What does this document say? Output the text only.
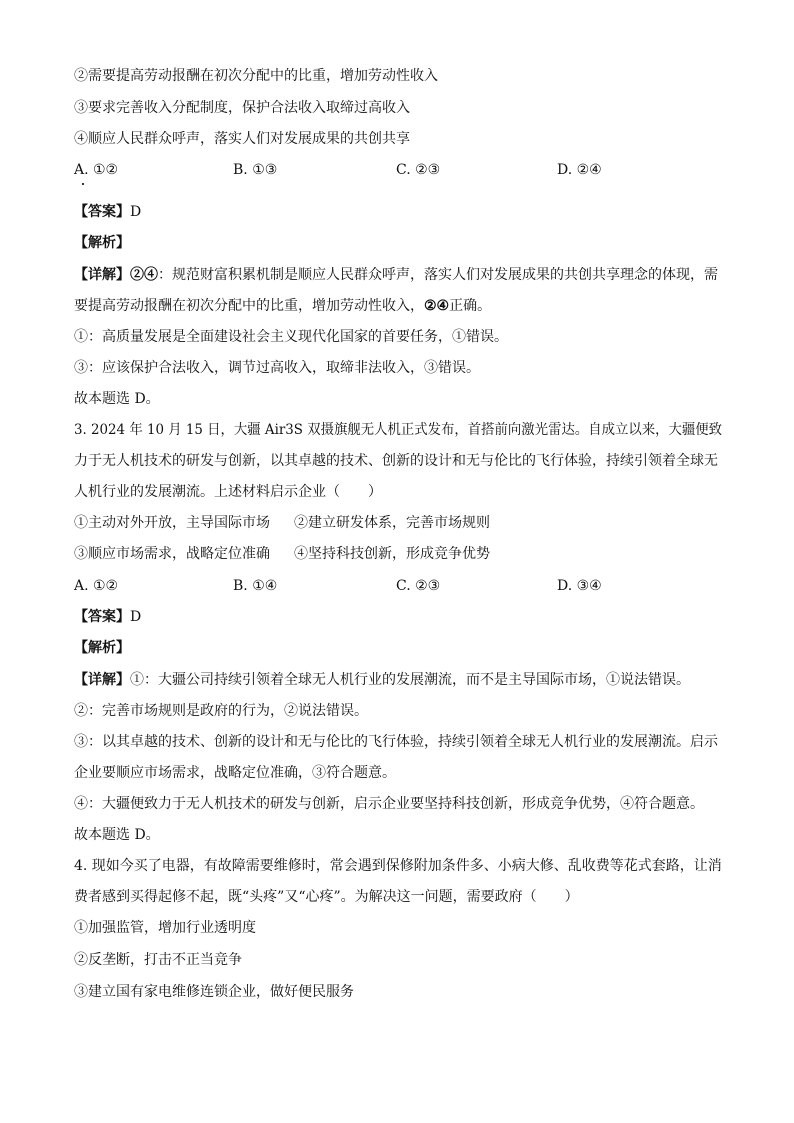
②需要提高劳动报酬在初次分配中的比重，增加劳动性收入
③要求完善收入分配制度，保护合法收入取缔过高收入
④顺应人民群众呼声，落实人们对发展成果的共创共享
A. ①②	B. ①③	C. ②③	D. ②④
【答案】D
【解析】
【详解】②④：规范财富积累机制是顺应人民群众呼声，落实人们对发展成果的共创共享理念的体现，需
要提高劳动报酬在初次分配中的比重，增加劳动性收入，②④正确。
①：高质量发展是全面建设社会主义现代化国家的首要任务，①错误。
③：应该保护合法收入，调节过高收入，取缔非法收入，③错误。
故本题选 D。
3. 2024 年 10 月 15 日，大疆 Air3S 双摄旗舰无人机正式发布，首搭前向激光雷达。自成立以来，大疆便致
力于无人机技术的研发与创新，以其卓越的技术、创新的设计和无与伦比的飞行体验，持续引领着全球无
人机行业的发展潮流。上述材料启示企业（　　）
①主动对外开放，主导国际市场 ②建立研发体系，完善市场规则
③顺应市场需求，战略定位准确 ④坚持科技创新，形成竞争优势
A. ①②	B. ①④	C. ②③	D. ③④
【答案】D
【解析】
【详解】①：大疆公司持续引领着全球无人机行业的发展潮流，而不是主导国际市场，①说法错误。
②：完善市场规则是政府的行为，②说法错误。
③：以其卓越的技术、创新的设计和无与伦比的飞行体验，持续引领着全球无人机行业的发展潮流。启示
企业要顺应市场需求，战略定位准确，③符合题意。
④：大疆便致力于无人机技术的研发与创新，启示企业要坚持科技创新，形成竞争优势，④符合题意。
故本题选 D。
4. 现如今买了电器，有故障需要维修时，常会遇到保修附加条件多、小病大修、乱收费等花式套路，让消
费者感到买得起修不起，既“头疼”又“心疼”。为解决这一问题，需要政府（　　）
①加强监管，增加行业透明度
②反垄断，打击不正当竞争
③建立国有家电维修连锁企业，做好便民服务
